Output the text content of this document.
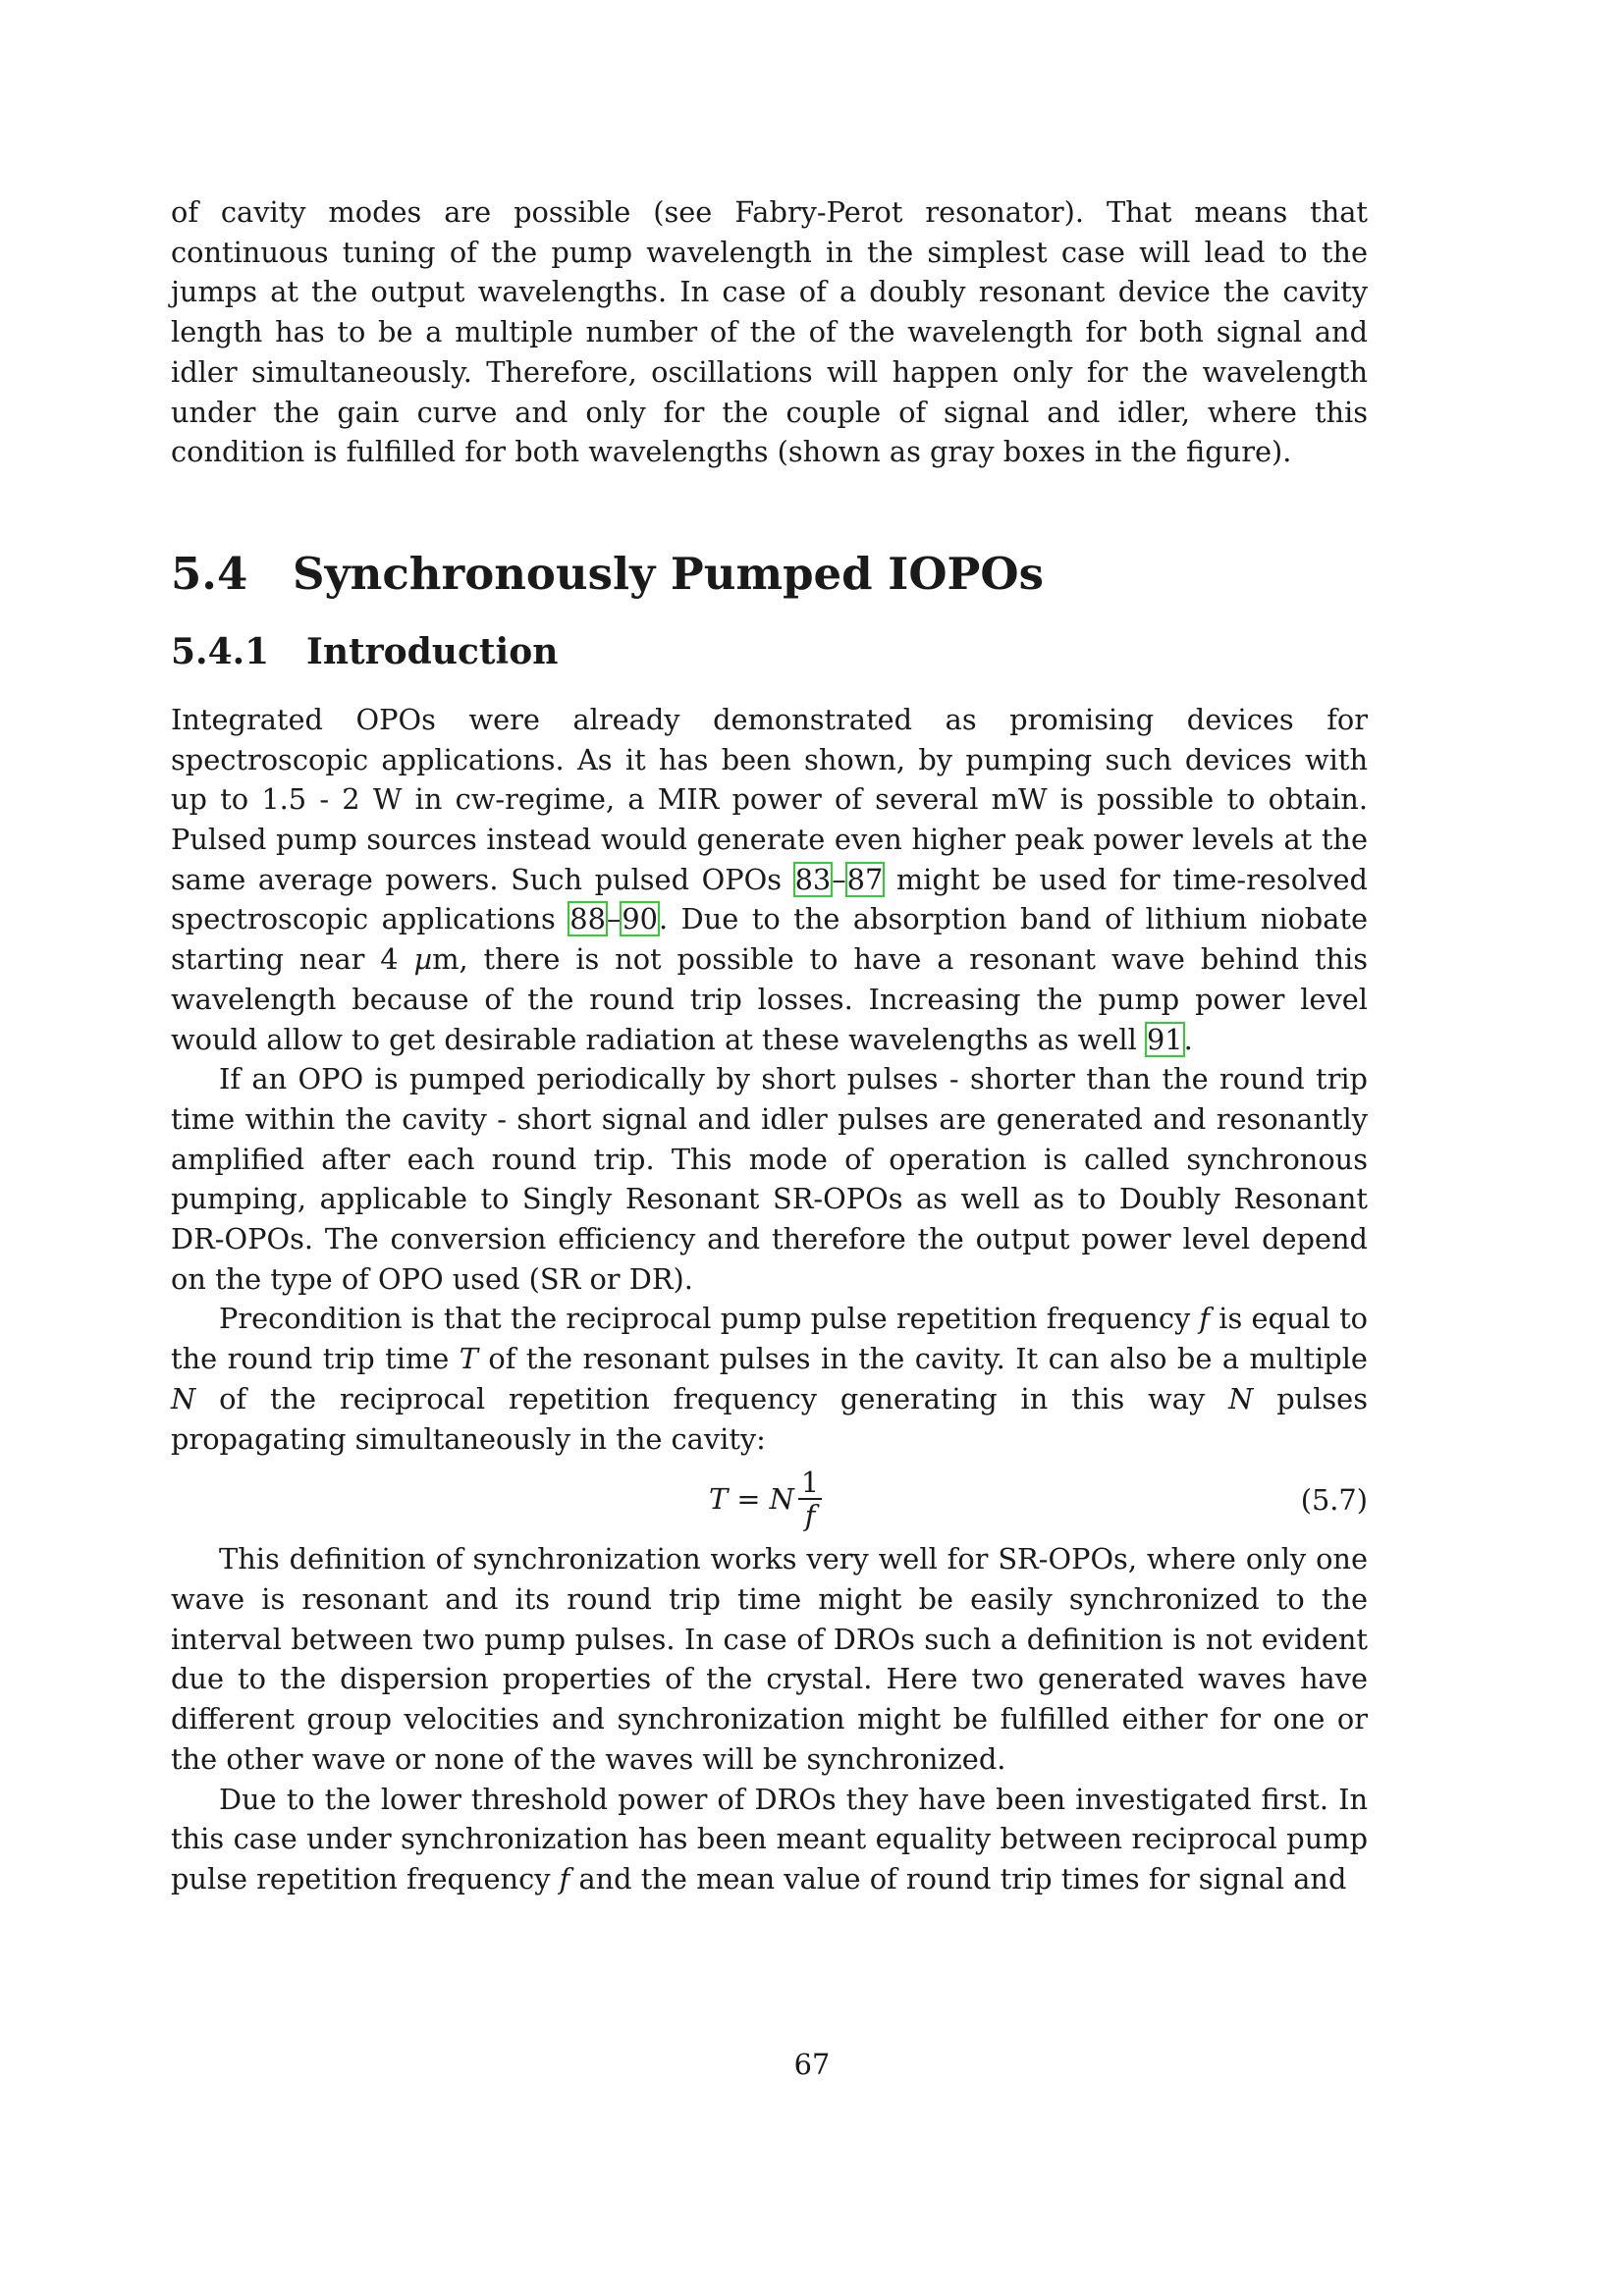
of cavity modes are possible (see Fabry-Perot resonator). That means that continuous tuning of the pump wavelength in the simplest case will lead to the jumps at the output wavelengths. In case of a doubly resonant device the cavity length has to be a multiple number of the of the wavelength for both signal and idler simultaneously. Therefore, oscillations will happen only for the wavelength under the gain curve and only for the couple of signal and idler, where this condition is fulfilled for both wavelengths (shown as gray boxes in the figure).

5.4	Synchronously Pumped IOPOs
5.4.1	Introduction

Integrated OPOs were already demonstrated as promising devices for spectroscopic applications. As it has been shown, by pumping such devices with up to 1.5 - 2 W in cw-regime, a MIR power of several mW is possible to obtain. Pulsed pump sources instead would generate even higher peak power levels at the same average powers. Such pulsed OPOs 83–87 might be used for time-resolved spectroscopic applications 88–90. Due to the absorption band of lithium niobate starting near 4 µm, there is not possible to have a resonant wave behind this wavelength because of the round trip losses. Increasing the pump power level would allow to get desirable radiation at these wavelengths as well 91.

If an OPO is pumped periodically by short pulses - shorter than the round trip time within the cavity - short signal and idler pulses are generated and resonantly amplified after each round trip. This mode of operation is called synchronous pumping, applicable to Singly Resonant SR-OPOs as well as to Doubly Resonant DR-OPOs. The conversion efficiency and therefore the output power level depend on the type of OPO used (SR or DR).

Precondition is that the reciprocal pump pulse repetition frequency f is equal to the round trip time T of the resonant pulses in the cavity. It can also be a multiple N of the reciprocal repetition frequency generating in this way N pulses propagating simultaneously in the cavity:

T = N $\frac{1}{f}$	(5.7)

This definition of synchronization works very well for SR-OPOs, where only one wave is resonant and its round trip time might be easily synchronized to the interval between two pump pulses. In case of DROs such a definition is not evident due to the dispersion properties of the crystal. Here two generated waves have different group velocities and synchronization might be fulfilled either for one or the other wave or none of the waves will be synchronized.

Due to the lower threshold power of DROs they have been investigated first. In this case under synchronization has been meant equality between reciprocal pump pulse repetition frequency f and the mean value of round trip times for signal and

67
